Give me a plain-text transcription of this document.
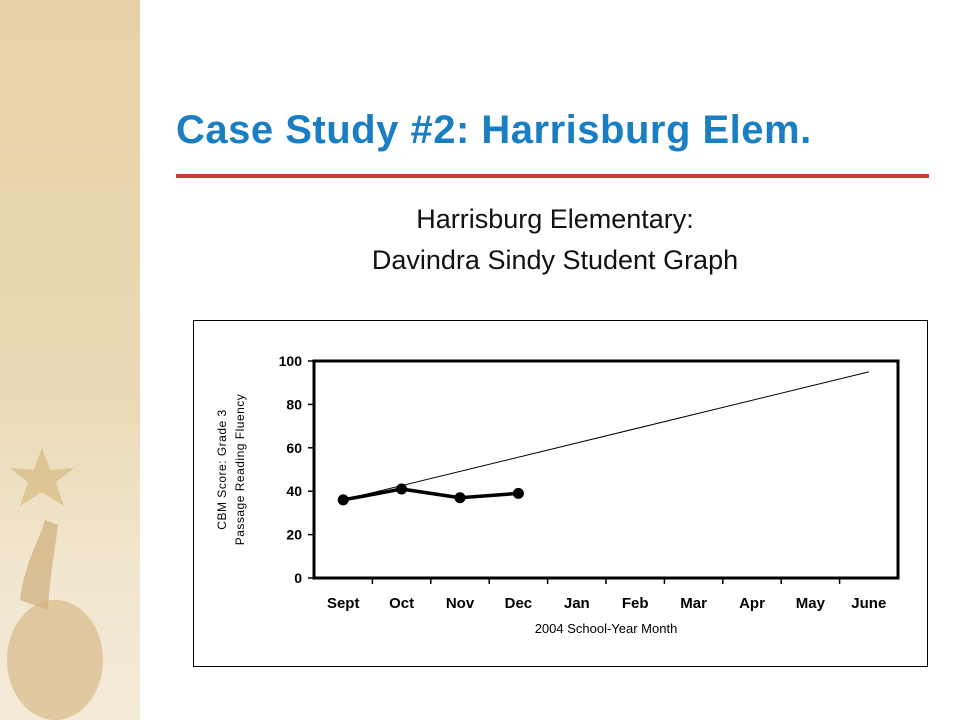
Case Study #2: Harrisburg Elem.
Harrisburg Elementary:
Davindra Sindy Student Graph
0
20
40
60
80
100
Sept Oct Nov Dec Jan Feb Mar Apr May June
2004 School-Year Month
CBM Score: Grade 3 Passage Reading Fluency
